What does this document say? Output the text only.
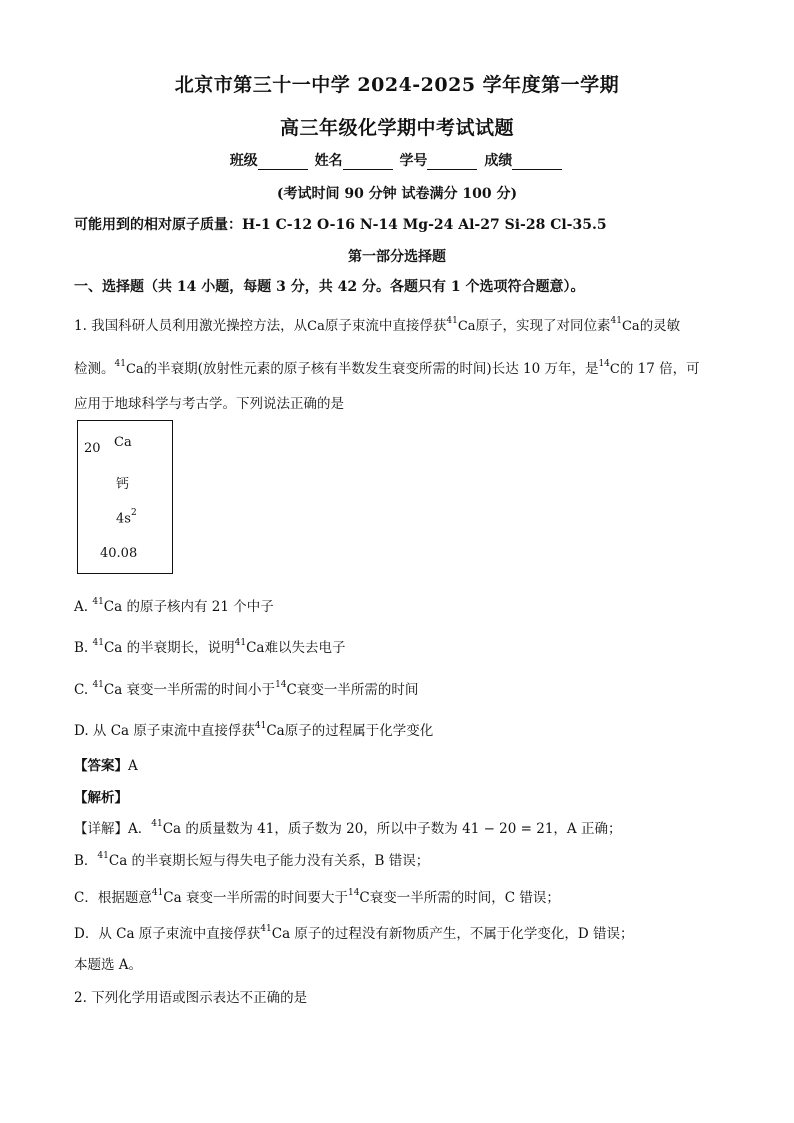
北京市第三十一中学 2024-2025 学年度第一学期
高三年级化学期中考试试题
班级	姓名	学号	成绩
(考试时间 90 分钟 试卷满分 100 分)
可能用到的相对原子质量：H-1 C-12 O-16 N-14 Mg-24 Al-27 Si-28 Cl-35.5
第一部分选择题
一、选择题（共 14 小题，每题 3 分，共 42 分。各题只有 1 个选项符合题意）。
1. 我国科研人员利用激光操控方法，从Ca原子束流中直接俘获$^{41}$Ca原子，实现了对同位素$^{41}$Ca的灵敏
检测。$^{41}$Ca的半衰期(放射性元素的原子核有半数发生衰变所需的时间)长达 10 万年，是$^{14}$C的 17 倍，可
应用于地球科学与考古学。下列说法正确的是
20 Ca
钙
$4s^2$
40.08
A. $^{41}$Ca 的原子核内有 21 个中子
B. $^{41}$Ca 的半衰期长，说明$^{41}$Ca难以失去电子
C. $^{41}$Ca 衰变一半所需的时间小于$^{14}$C衰变一半所需的时间
D. 从 Ca 原子束流中直接俘获$^{41}$Ca原子的过程属于化学变化
【答案】A
【解析】
【详解】A．$^{41}$Ca 的质量数为 41，质子数为 20，所以中子数为 41 − 20 = 21，A 正确；
B．$^{41}$Ca 的半衰期长短与得失电子能力没有关系，B 错误；
C．根据题意$^{41}$Ca 衰变一半所需的时间要大于$^{14}$C衰变一半所需的时间，C 错误；
D．从 Ca 原子束流中直接俘获$^{41}$Ca 原子的过程没有新物质产生，不属于化学变化，D 错误；
本题选 A。
2. 下列化学用语或图示表达不正确的是
